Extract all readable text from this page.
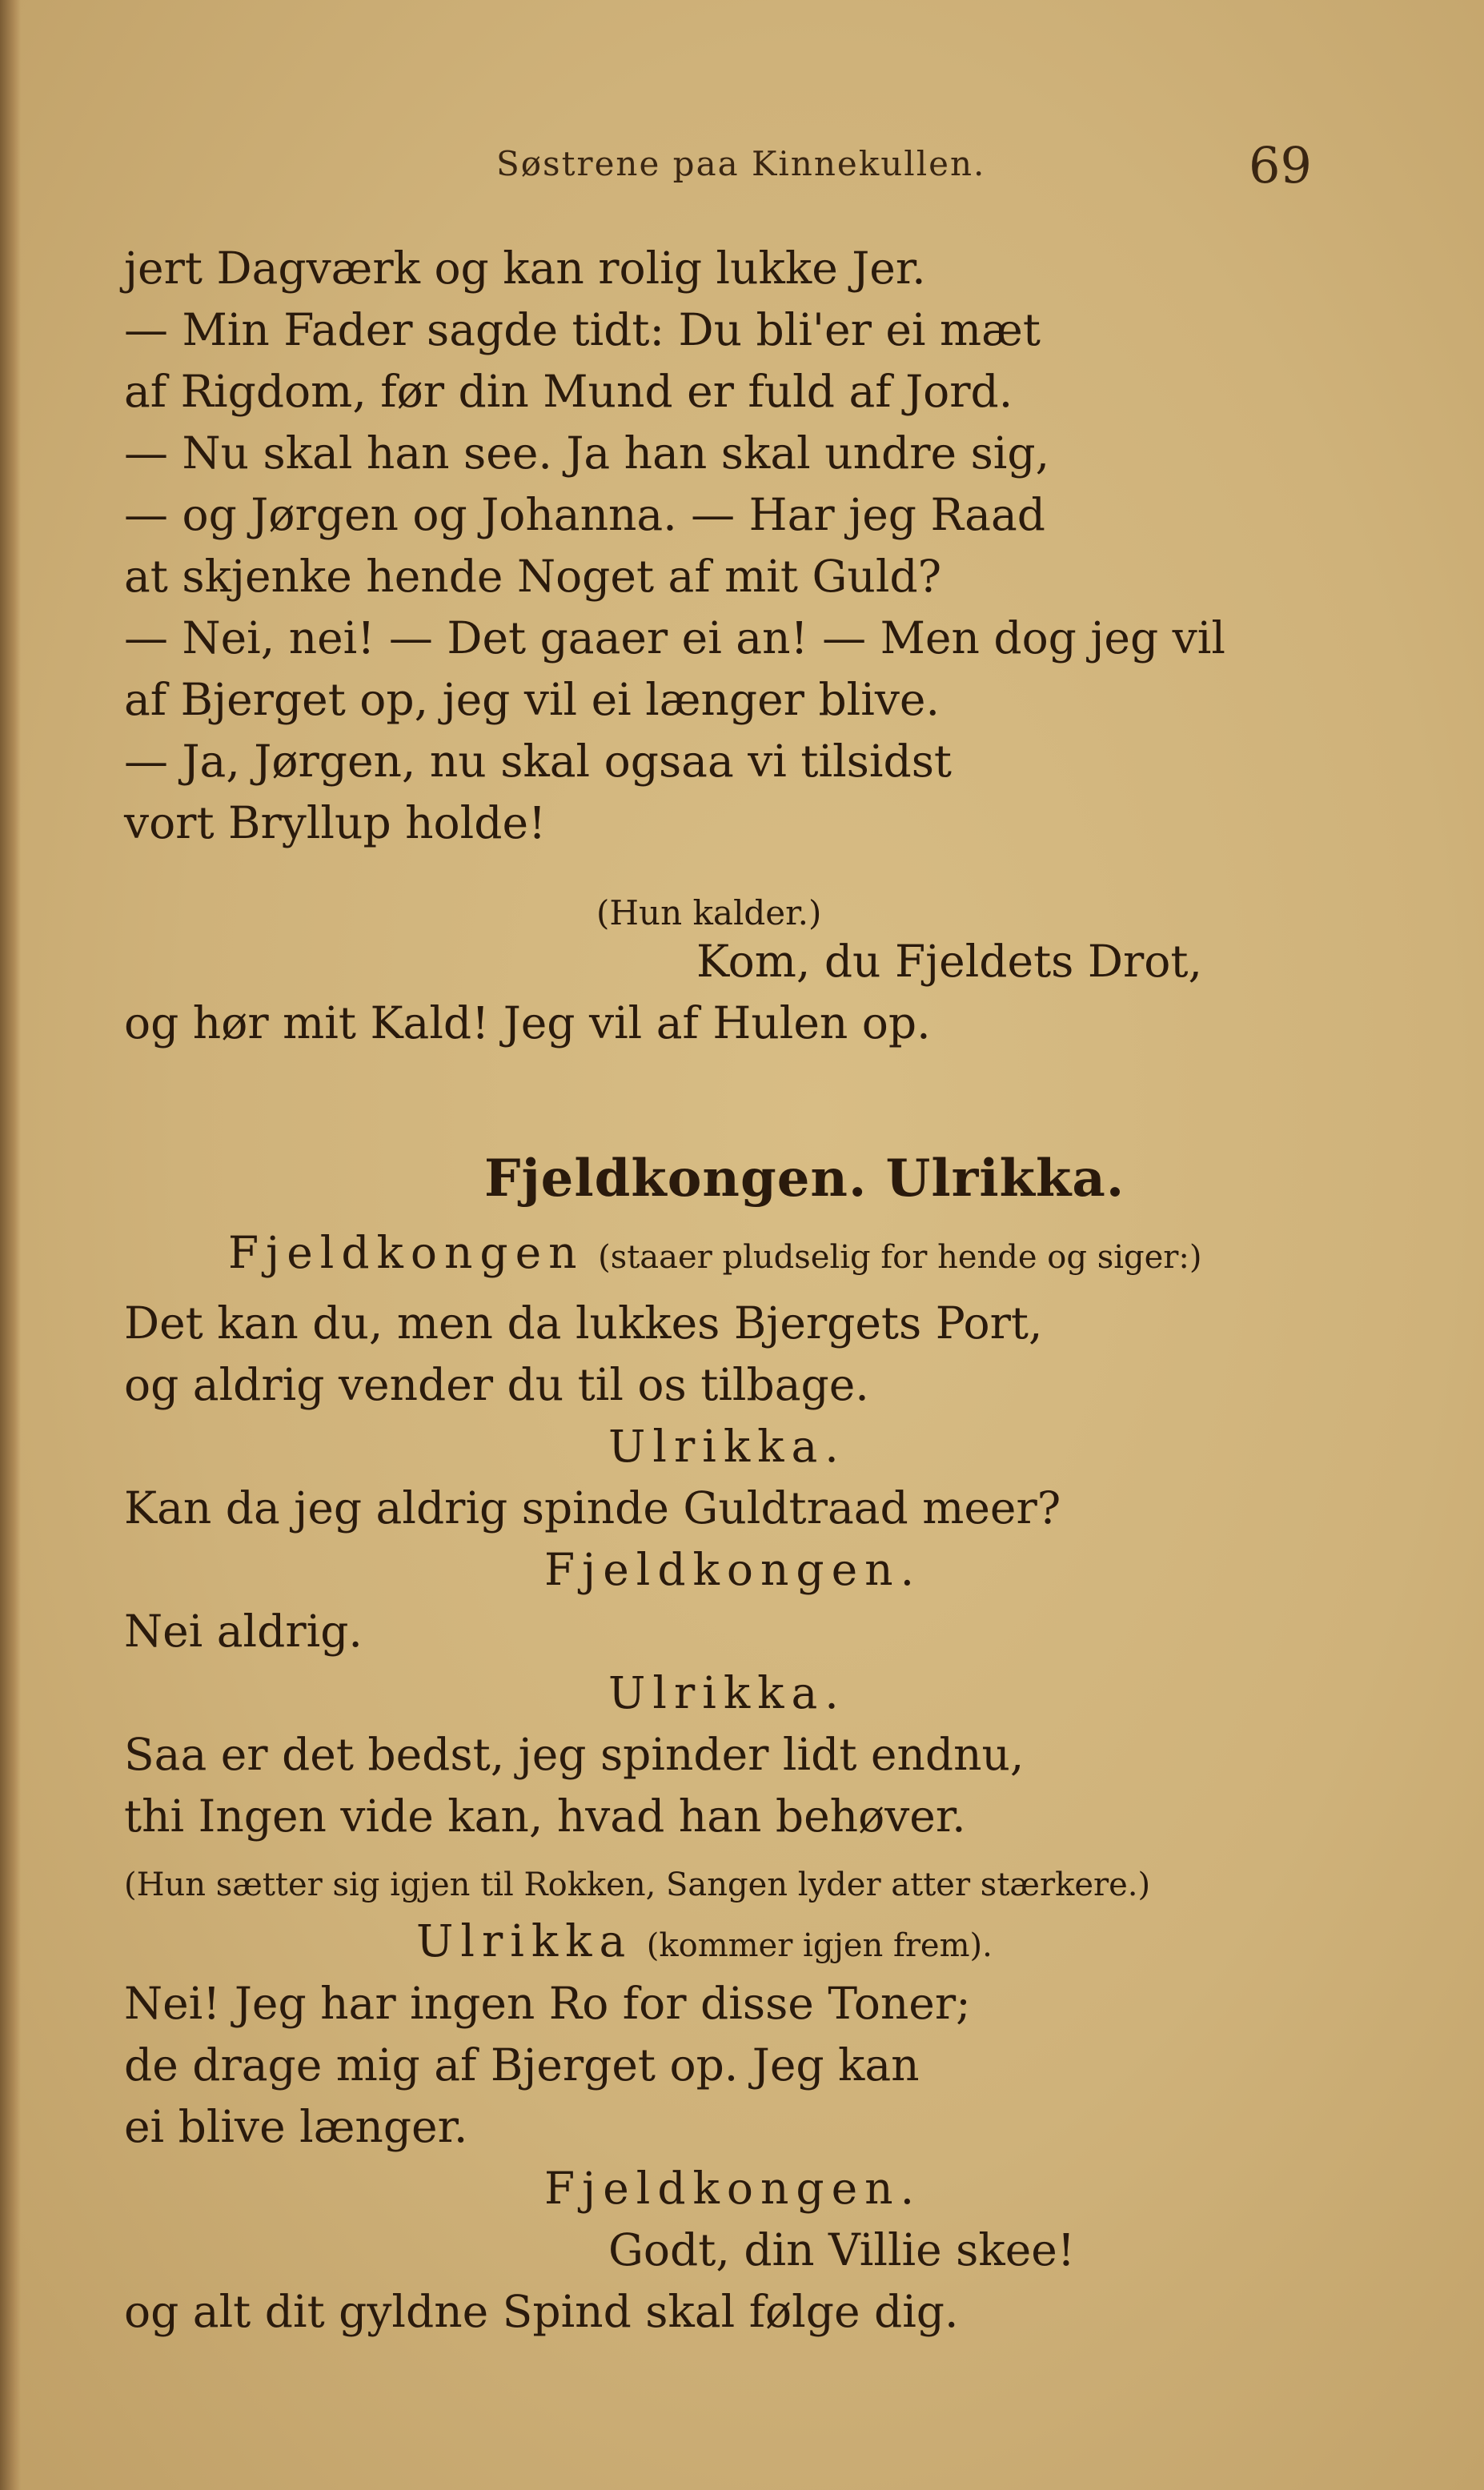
Søstrene paa Kinnekullen.	69
jert Dagværk og kan rolig lukke Jer.
— Min Fader sagde tidt: Du bli'er ei mæt
af Rigdom, før din Mund er fuld af Jord.
— Nu skal han see. Ja han skal undre sig,
— og Jørgen og Johanna. — Har jeg Raad
at skjenke hende Noget af mit Guld?
— Nei, nei! — Det gaaer ei an! — Men dog jeg vil
af Bjerget op, jeg vil ei længer blive.
— Ja, Jørgen, nu skal ogsaa vi tilsidst
vort Bryllup holde!
(Hun kalder.)
Kom, du Fjeldets Drot,
og hør mit Kald! Jeg vil af Hulen op.
Fjeldkongen. Ulrikka.
Fjeldkongen (staaer pludselig for hende og siger:)
Det kan du, men da lukkes Bjergets Port,
og aldrig vender du til os tilbage.
Ulrikka.
Kan da jeg aldrig spinde Guldtraad meer?
Fjeldkongen.
Nei aldrig.
Ulrikka.
Saa er det bedst, jeg spinder lidt endnu,
thi Ingen vide kan, hvad han behøver.
(Hun sætter sig igjen til Rokken, Sangen lyder atter stærkere.)
Ulrikka (kommer igjen frem).
Nei! Jeg har ingen Ro for disse Toner;
de drage mig af Bjerget op. Jeg kan
ei blive længer.
Fjeldkongen.
Godt, din Villie skee!
og alt dit gyldne Spind skal følge dig.
